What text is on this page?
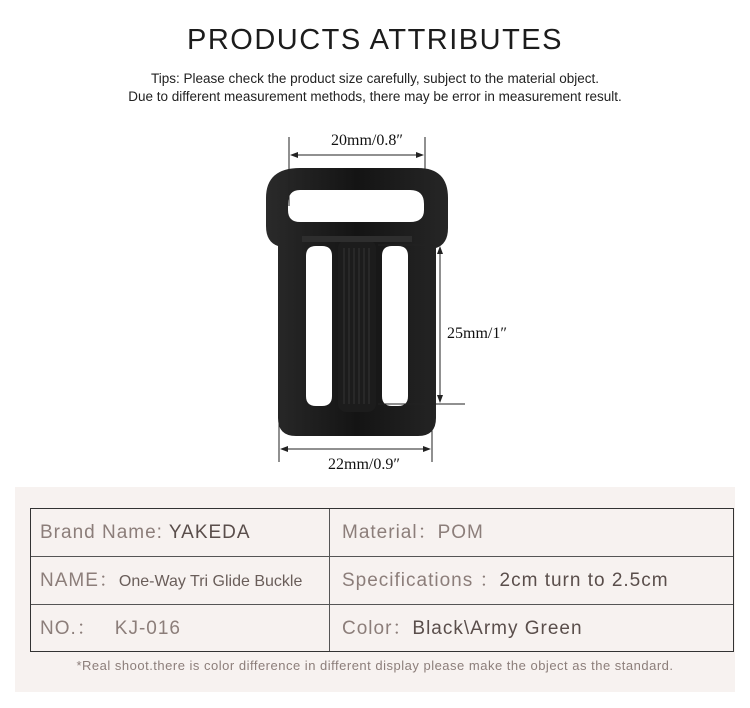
PRODUCTS ATTRIBUTES
Tips: Please check the product size carefully, subject to the material object.
Due to different measurement methods, there may be error in measurement result.
20mm/0.8″
25mm/1″
22mm/0.9″
Brand Name: YAKEDA	Material：POM
NAME：One-Way Tri Glide Buckle Specifications ：2cm turn to 2.5cm
NO.： KJ-016	Color：Black\Army Green
*Real shoot.there is color difference in different display please make the object as the standard.
